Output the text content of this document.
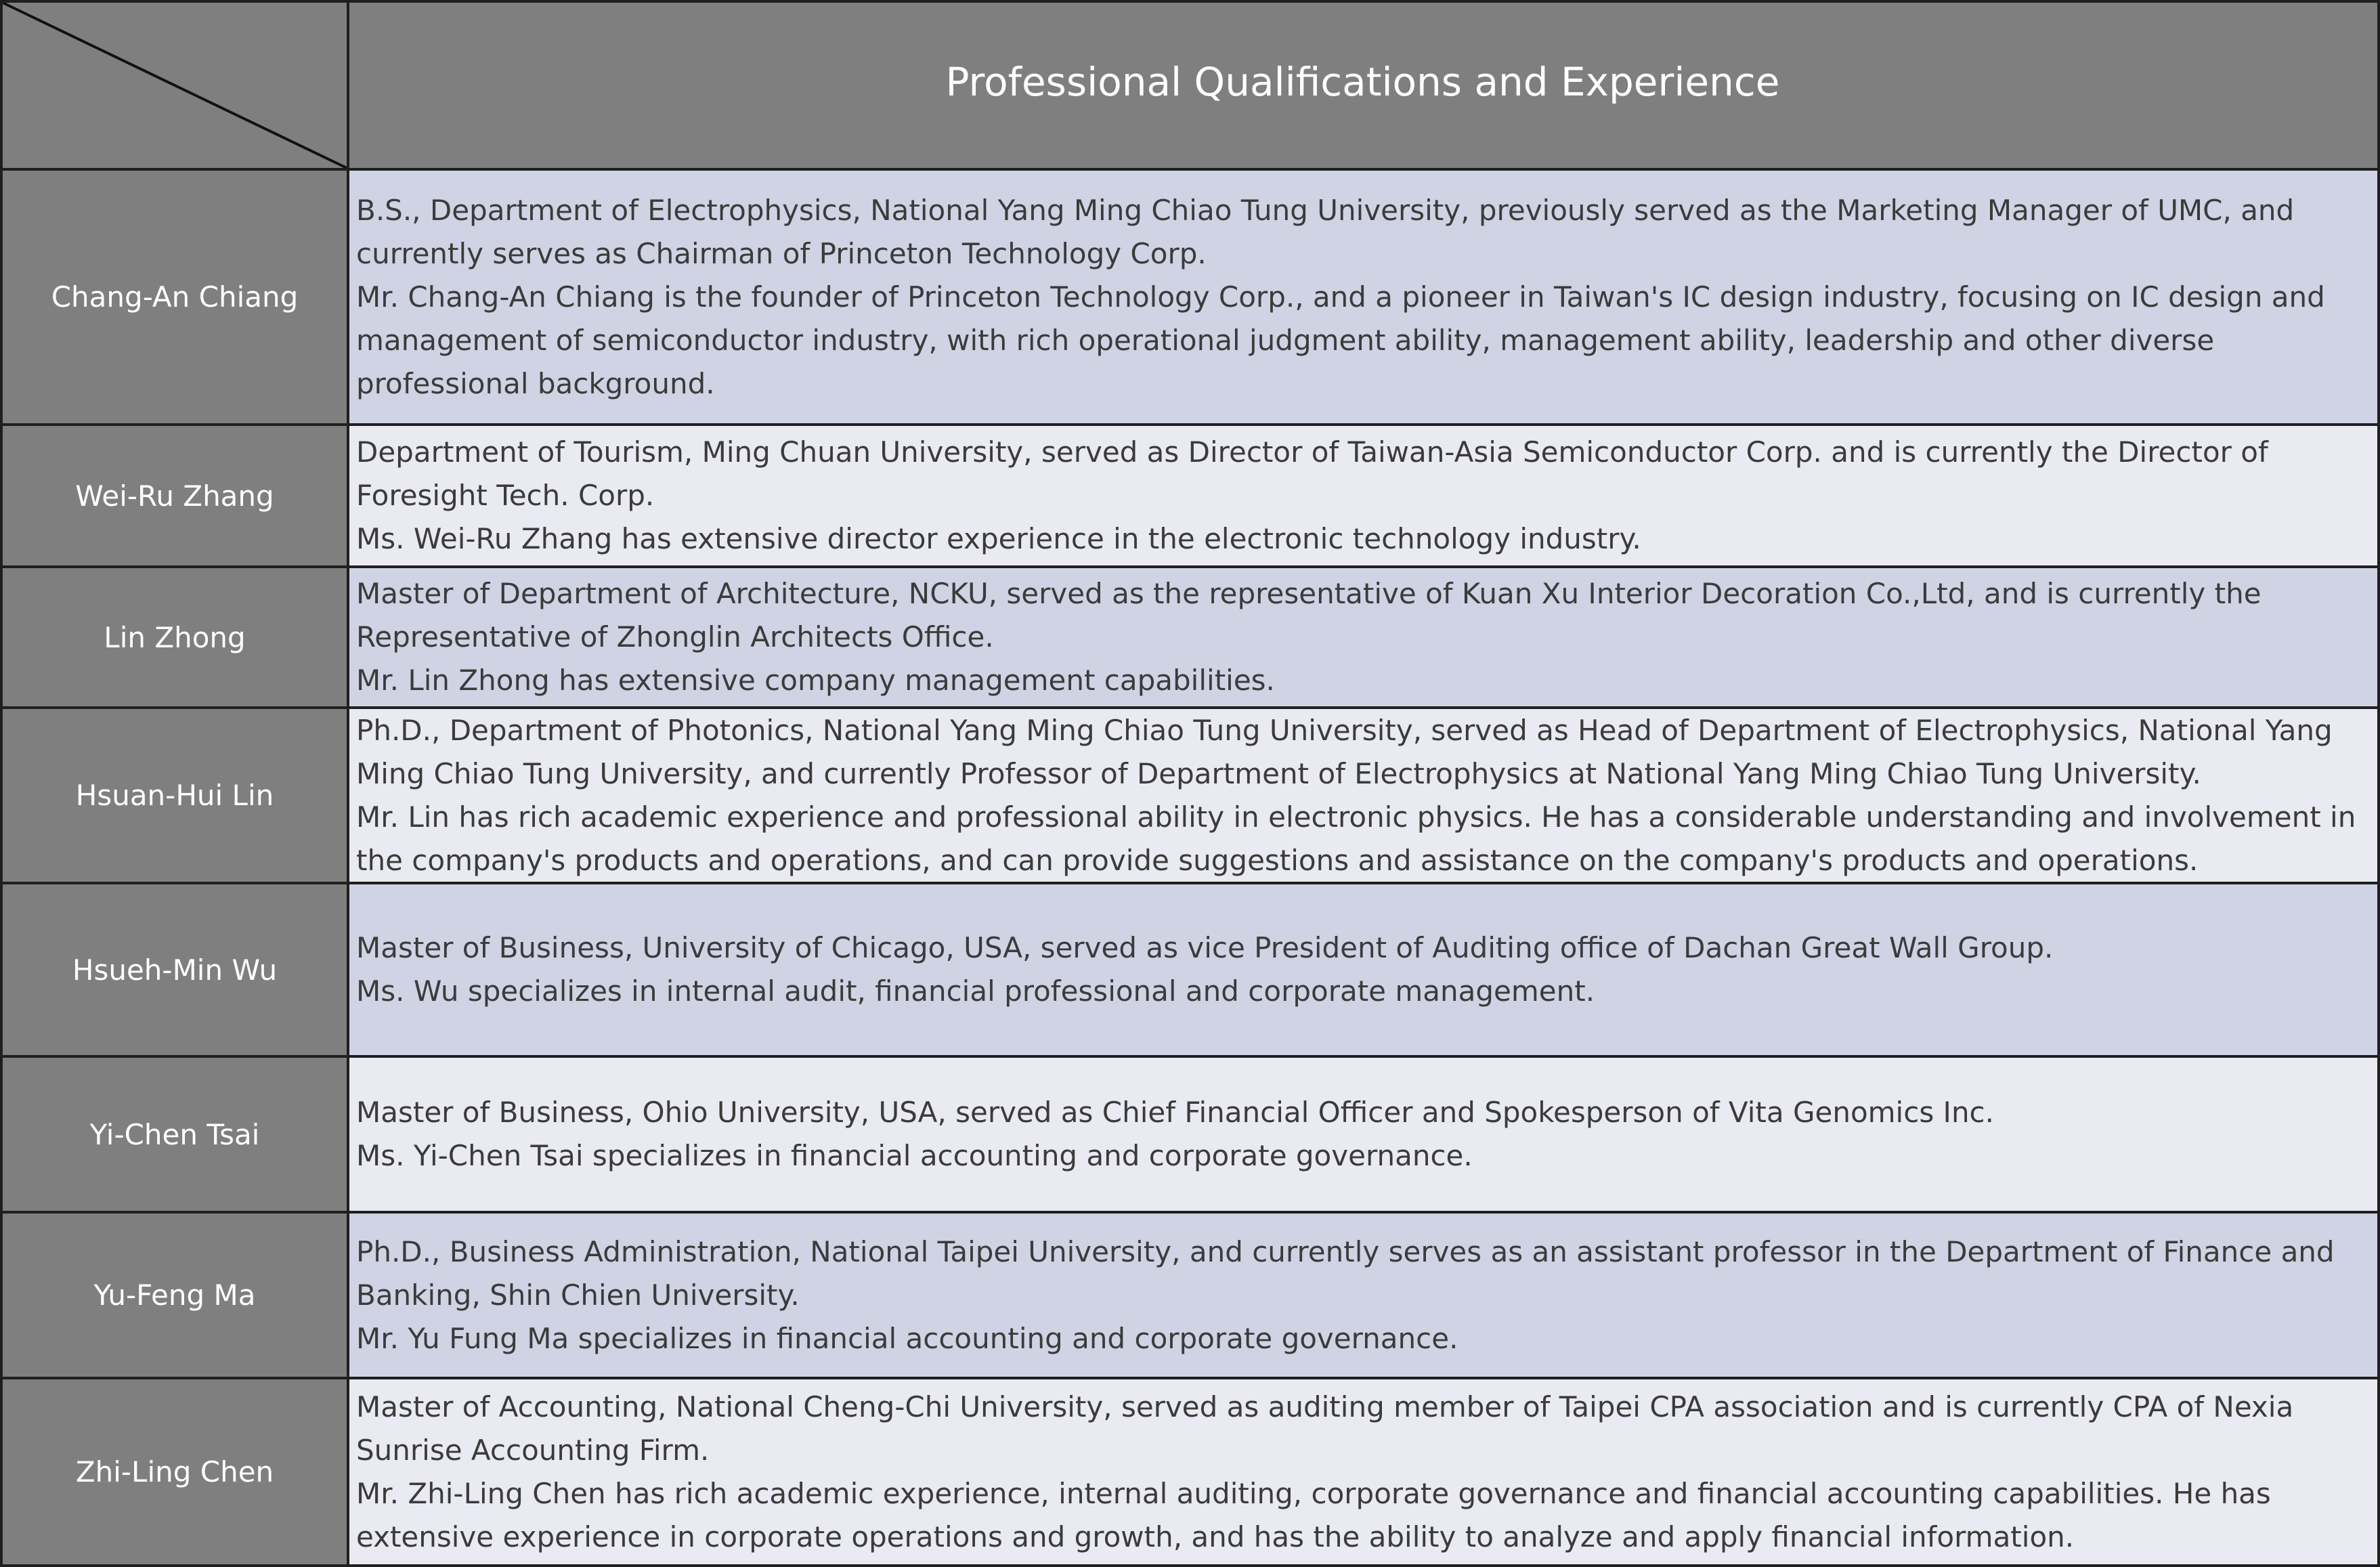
Professional Qualifications and Experience
Chang-An Chiang

B.S., Department of Electrophysics, National Yang Ming Chiao Tung University, previously served as the Marketing Manager of UMC, and currently serves as Chairman of Princeton Technology Corp.

Mr. Chang-An Chiang is the founder of Princeton Technology Corp., and a pioneer in Taiwan's IC design industry, focusing on IC design and management of semiconductor industry, with rich operational judgment ability, management ability, leadership and other diverse professional background.

Wei-Ru Zhang

Department of Tourism, Ming Chuan University, served as Director of Taiwan-Asia Semiconductor Corp. and is currently the Director of Foresight Tech. Corp.

Ms. Wei-Ru Zhang has extensive director experience in the electronic technology industry.

Lin Zhong

Master of Department of Architecture, NCKU, served as the representative of Kuan Xu Interior Decoration Co.,Ltd, and is currently the Representative of Zhonglin Architects Office.

Mr. Lin Zhong has extensive company management capabilities.

Hsuan-Hui Lin

Ph.D., Department of Photonics, National Yang Ming Chiao Tung University, served as Head of Department of Electrophysics, National Yang Ming Chiao Tung University, and currently Professor of Department of Electrophysics at National Yang Ming Chiao Tung University.

Mr. Lin has rich academic experience and professional ability in electronic physics. He has a considerable understanding and involvement in the company's products and operations, and can provide suggestions and assistance on the company's products and operations.

Hsueh-Min Wu

Master of Business, University of Chicago, USA, served as vice President of Auditing office of Dachan Great Wall Group.

Ms. Wu specializes in internal audit, financial professional and corporate management.

Yi-Chen Tsai

Master of Business, Ohio University, USA, served as Chief Financial Officer and Spokesperson of Vita Genomics Inc.

Ms. Yi-Chen Tsai specializes in financial accounting and corporate governance.

Yu-Feng Ma

Ph.D., Business Administration, National Taipei University, and currently serves as an assistant professor in the Department of Finance and Banking, Shin Chien University.

Mr. Yu Fung Ma specializes in financial accounting and corporate governance.

Zhi-Ling Chen

Master of Accounting, National Cheng-Chi University, served as auditing member of Taipei CPA association and is currently CPA of Nexia Sunrise Accounting Firm.

Mr. Zhi-Ling Chen has rich academic experience, internal auditing, corporate governance and financial accounting capabilities. He has extensive experience in corporate operations and growth, and has the ability to analyze and apply financial information.
